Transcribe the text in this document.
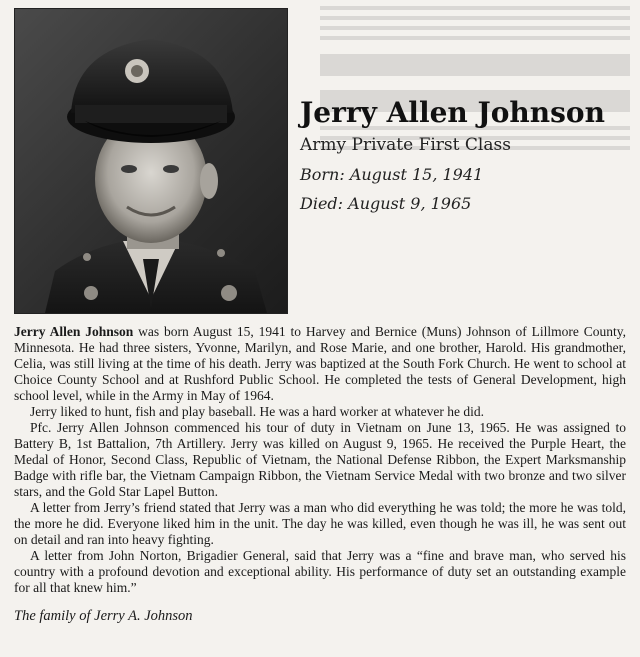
Jerry Allen Johnson
Army Private First Class
Born: August 15, 1941
Died: August 9, 1965

Jerry Allen Johnson was born August 15, 1941 to Harvey and Bernice (Muns) Johnson of Lillmore County, Minnesota. He had three sisters, Yvonne, Marilyn, and Rose Marie, and one brother, Harold. His grandmother, Celia, was still living at the time of his death. Jerry was baptized at the South Fork Church. He went to school at Choice County School and at Rushford Public School. He completed the tests of General Development, high school level, while in the Army in May of 1964.

Jerry liked to hunt, fish and play baseball. He was a hard worker at whatever he did.

Pfc. Jerry Allen Johnson commenced his tour of duty in Vietnam on June 13, 1965. He was assigned to Battery B, 1st Battalion, 7th Artillery. Jerry was killed on August 9, 1965. He received the Purple Heart, the Medal of Honor, Second Class, Republic of Vietnam, the National Defense Ribbon, the Expert Marksmanship Badge with rifle bar, the Vietnam Campaign Ribbon, the Vietnam Service Medal with two bronze and two silver stars, and the Gold Star Lapel Button.

A letter from Jerry’s friend stated that Jerry was a man who did everything he was told; the more he was told, the more he did. Everyone liked him in the unit. The day he was killed, even though he was ill, he was sent out on detail and ran into heavy fighting.

A letter from John Norton, Brigadier General, said that Jerry was a “fine and brave man, who served his country with a profound devotion and exceptional ability. His performance of duty set an outstanding example for all that knew him.”

The family of Jerry A. Johnson
